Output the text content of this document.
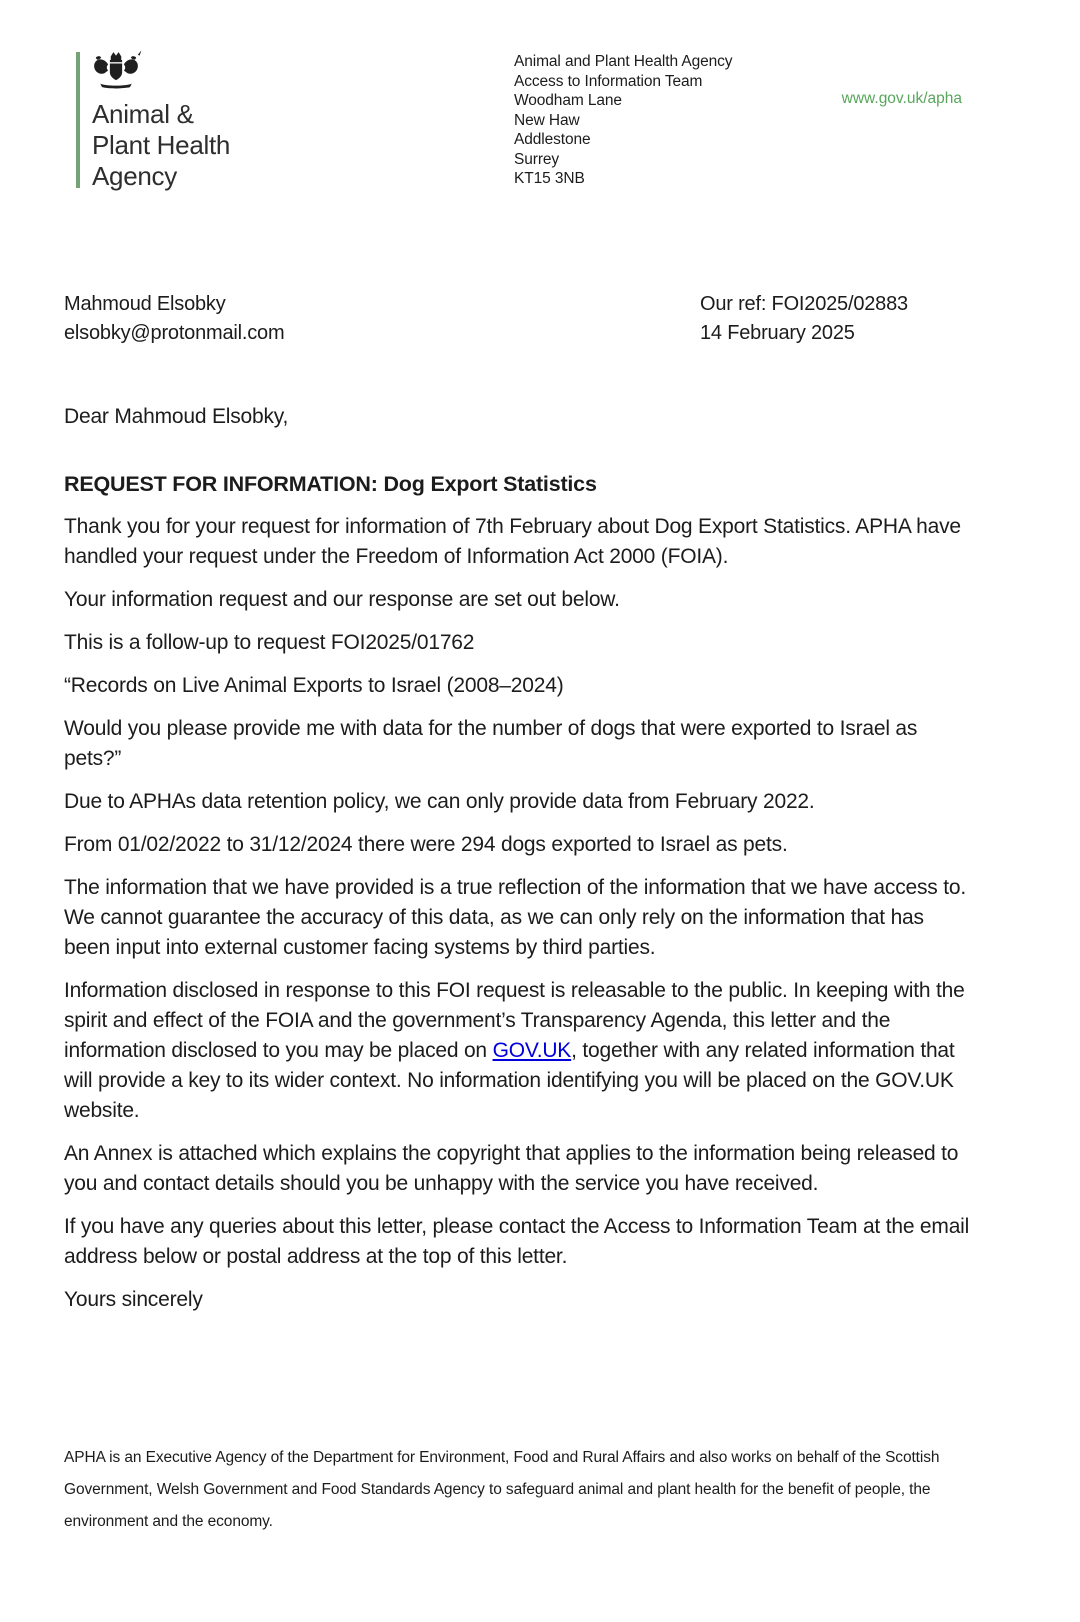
Animal &
Plant Health
Agency
Animal and Plant Health Agency
Access to Information Team
Woodham Lane
New Haw
Addlestone
Surrey
KT15 3NB
www.gov.uk/apha
Mahmoud Elsobky
elsobky@protonmail.com
Our ref: FOI2025/02883
14 February 2025

Dear Mahmoud Elsobky,

REQUEST FOR INFORMATION: Dog Export Statistics

Thank you for your request for information of 7th February about Dog Export Statistics. APHA have handled your request under the Freedom of Information Act 2000 (FOIA).

Your information request and our response are set out below.

This is a follow-up to request FOI2025/01762

“Records on Live Animal Exports to Israel (2008–2024)

Would you please provide me with data for the number of dogs that were exported to Israel as pets?”

Due to APHAs data retention policy, we can only provide data from February 2022.

From 01/02/2022 to 31/12/2024 there were 294 dogs exported to Israel as pets.

The information that we have provided is a true reflection of the information that we have access to. We cannot guarantee the accuracy of this data, as we can only rely on the information that has been input into external customer facing systems by third parties.

Information disclosed in response to this FOI request is releasable to the public. In keeping with the spirit and effect of the FOIA and the government’s Transparency Agenda, this letter and the information disclosed to you may be placed on GOV.UK, together with any related information that will provide a key to its wider context. No information identifying you will be placed on the GOV.UK website.

An Annex is attached which explains the copyright that applies to the information being released to you and contact details should you be unhappy with the service you have received.

If you have any queries about this letter, please contact the Access to Information Team at the email address below or postal address at the top of this letter.

Yours sincerely

APHA is an Executive Agency of the Department for Environment, Food and Rural Affairs and also works on behalf of the Scottish Government, Welsh Government and Food Standards Agency to safeguard animal and plant health for the benefit of people, the environment and the economy.
